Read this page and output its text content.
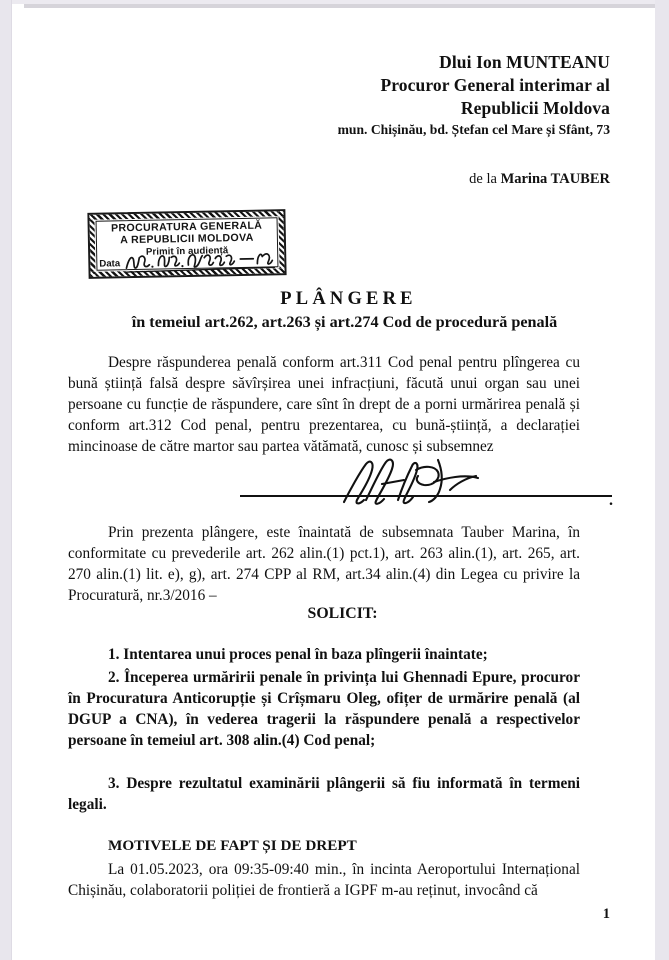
Dlui Ion MUNTEANU
Procuror General interimar al
Republicii Moldova
mun. Chișinău, bd. Ștefan cel Mare și Sfânt, 73
de la Marina TAUBER
PROCURATURA GENERALĂ
A REPUBLICII MOLDOVA
Primit în audiență
Data
PLÂNGERE
în temeiul art.262, art.263 și art.274 Cod de procedură penală
Despre răspunderea penală conform art.311 Cod penal pentru plîngerea cu bună știință falsă despre săvîrșirea unei infracțiuni, făcută unui organ sau unei persoane cu funcție de răspundere, care sînt în drept de a porni urmărirea penală și conform art.312 Cod penal, pentru prezentarea, cu bună-știință, a declarației mincinoase de către martor sau partea vătămată, cunosc și subsemnez
.
Prin prezenta plângere, este înaintată de subsemnata Tauber Marina, în conformitate cu prevederile art. 262 alin.(1) pct.1), art. 263 alin.(1), art. 265, art. 270 alin.(1) lit. e), g), art. 274 CPP al RM, art.34 alin.(4) din Legea cu privire la Procuratură, nr.3/2016 –
SOLICIT:
1. Intentarea unui proces penal în baza plîngerii înaintate;
2. Începerea urmăririi penale în privința lui Ghennadi Epure, procuror în Procuratura Anticorupție și Crîșmaru Oleg, ofițer de urmărire penală (al DGUP a CNA), în vederea tragerii la răspundere penală a respectivelor persoane în temeiul art. 308 alin.(4) Cod penal;
3. Despre rezultatul examinării plângerii să fiu informată în termeni legali.
MOTIVELE DE FAPT ȘI DE DREPT
La 01.05.2023, ora 09:35-09:40 min., în incinta Aeroportului Internațional Chișinău, colaboratorii poliției de frontieră a IGPF m-au reținut, invocând că
1
